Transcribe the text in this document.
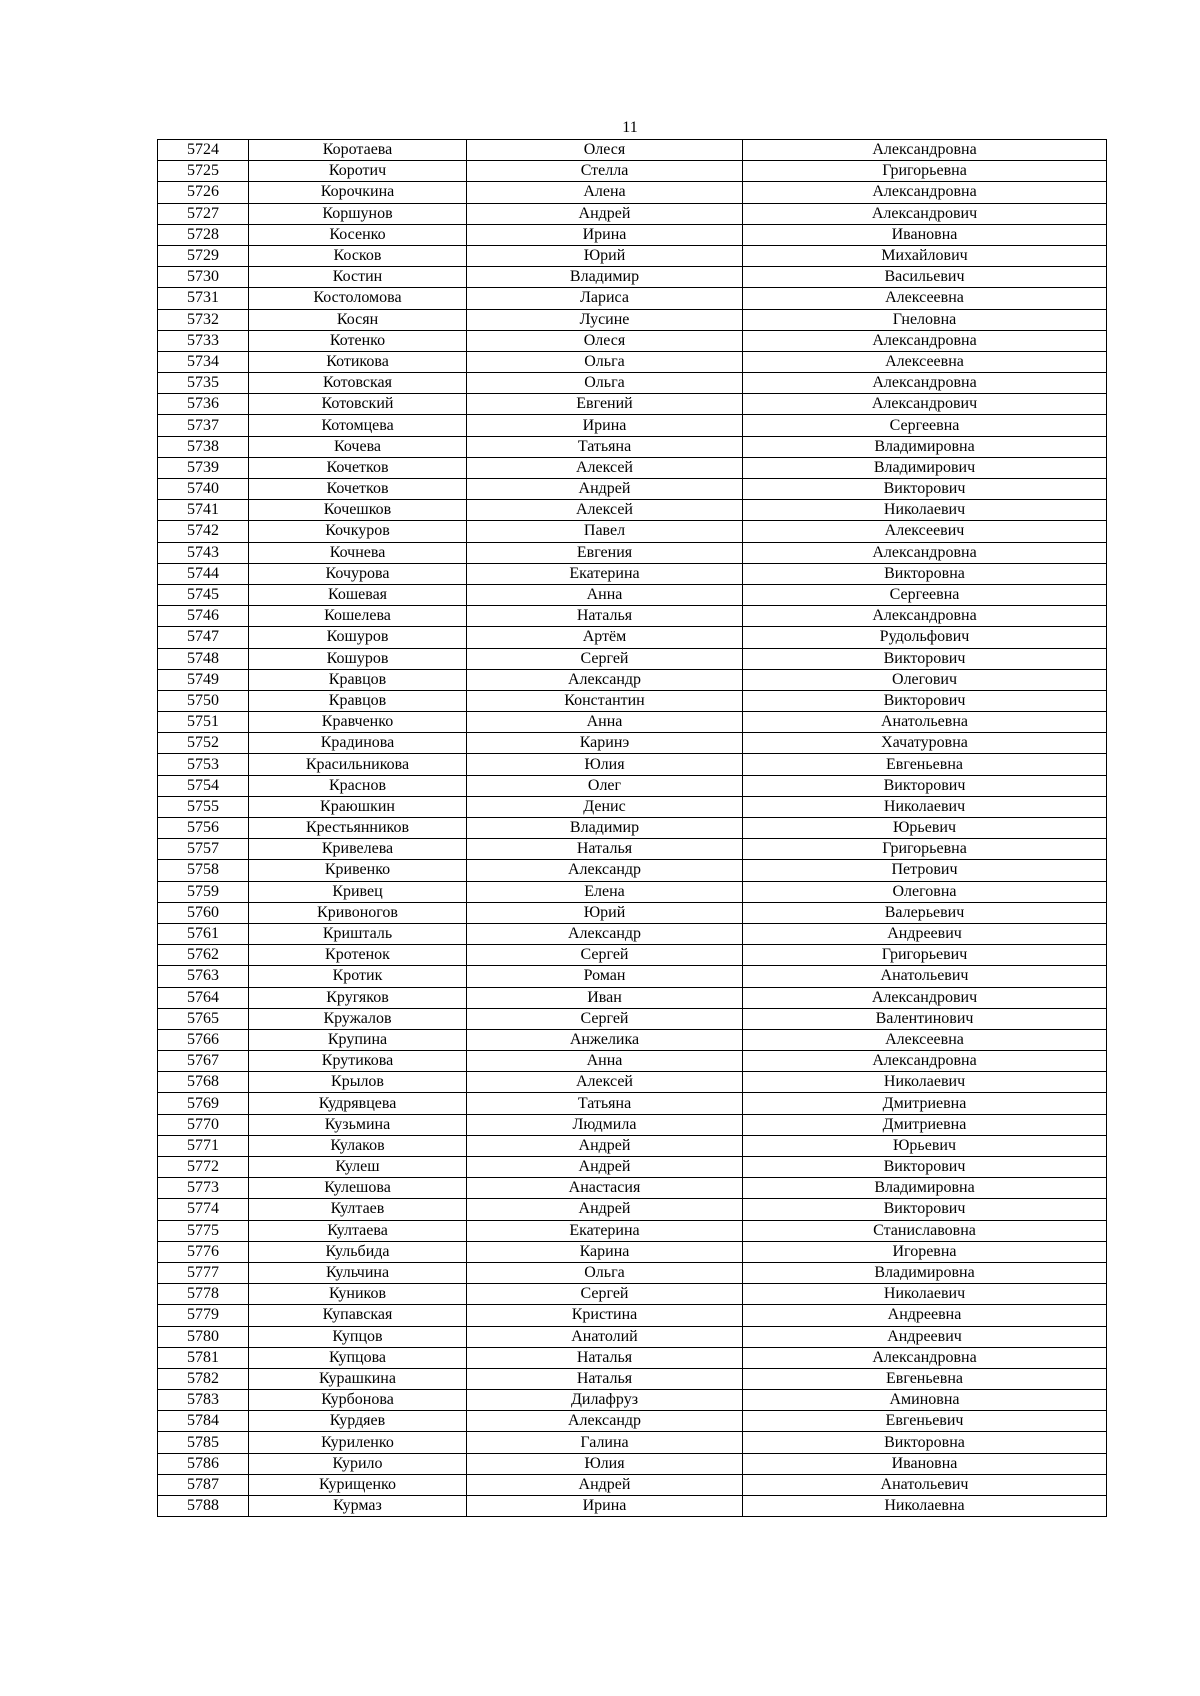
11
5724	Коротаева	Олеся	Александровна
5725	Коротич	Стелла	Григорьевна
5726	Корочкина	Алена	Александровна
5727	Коршунов	Андрей	Александрович
5728	Косенко	Ирина	Ивановна
5729	Косков	Юрий	Михайлович
5730	Костин	Владимир	Васильевич
5731	Костоломова	Лариса	Алексеевна
5732	Косян	Лусине	Гнеловна
5733	Котенко	Олеся	Александровна
5734	Котикова	Ольга	Алексеевна
5735	Котовская	Ольга	Александровна
5736	Котовский	Евгений	Александрович
5737	Котомцева	Ирина	Сергеевна
5738	Кочева	Татьяна	Владимировна
5739	Кочетков	Алексей	Владимирович
5740	Кочетков	Андрей	Викторович
5741	Кочешков	Алексей	Николаевич
5742	Кочкуров	Павел	Алексеевич
5743	Кочнева	Евгения	Александровна
5744	Кочурова	Екатерина	Викторовна
5745	Кошевая	Анна	Сергеевна
5746	Кошелева	Наталья	Александровна
5747	Кошуров	Артём	Рудольфович
5748	Кошуров	Сергей	Викторович
5749	Кравцов	Александр	Олегович
5750	Кравцов	Константин	Викторович
5751	Кравченко	Анна	Анатольевна
5752	Крадинова	Каринэ	Хачатуровна
5753	Красильникова	Юлия	Евгеньевна
5754	Краснов	Олег	Викторович
5755	Краюшкин	Денис	Николаевич
5756	Крестьянников	Владимир	Юрьевич
5757	Кривелева	Наталья	Григорьевна
5758	Кривенко	Александр	Петрович
5759	Кривец	Елена	Олеговна
5760	Кривоногов	Юрий	Валерьевич
5761	Кришталь	Александр	Андреевич
5762	Кротенок	Сергей	Григорьевич
5763	Кротик	Роман	Анатольевич
5764	Кругяков	Иван	Александрович
5765	Кружалов	Сергей	Валентинович
5766	Крупина	Анжелика	Алексеевна
5767	Крутикова	Анна	Александровна
5768	Крылов	Алексей	Николаевич
5769	Кудрявцева	Татьяна	Дмитриевна
5770	Кузьмина	Людмила	Дмитриевна
5771	Кулаков	Андрей	Юрьевич
5772	Кулеш	Андрей	Викторович
5773	Кулешова	Анастасия	Владимировна
5774	Култаев	Андрей	Викторович
5775	Култаева	Екатерина	Станиславовна
5776	Кульбида	Карина	Игоревна
5777	Кульчина	Ольга	Владимировна
5778	Куников	Сергей	Николаевич
5779	Купавская	Кристина	Андреевна
5780	Купцов	Анатолий	Андреевич
5781	Купцова	Наталья	Александровна
5782	Курашкина	Наталья	Евгеньевна
5783	Курбонова	Дилафруз	Аминовна
5784	Курдяев	Александр	Евгеньевич
5785	Куриленко	Галина	Викторовна
5786	Курило	Юлия	Ивановна
5787	Курищенко	Андрей	Анатольевич
5788	Курмаз	Ирина	Николаевна
